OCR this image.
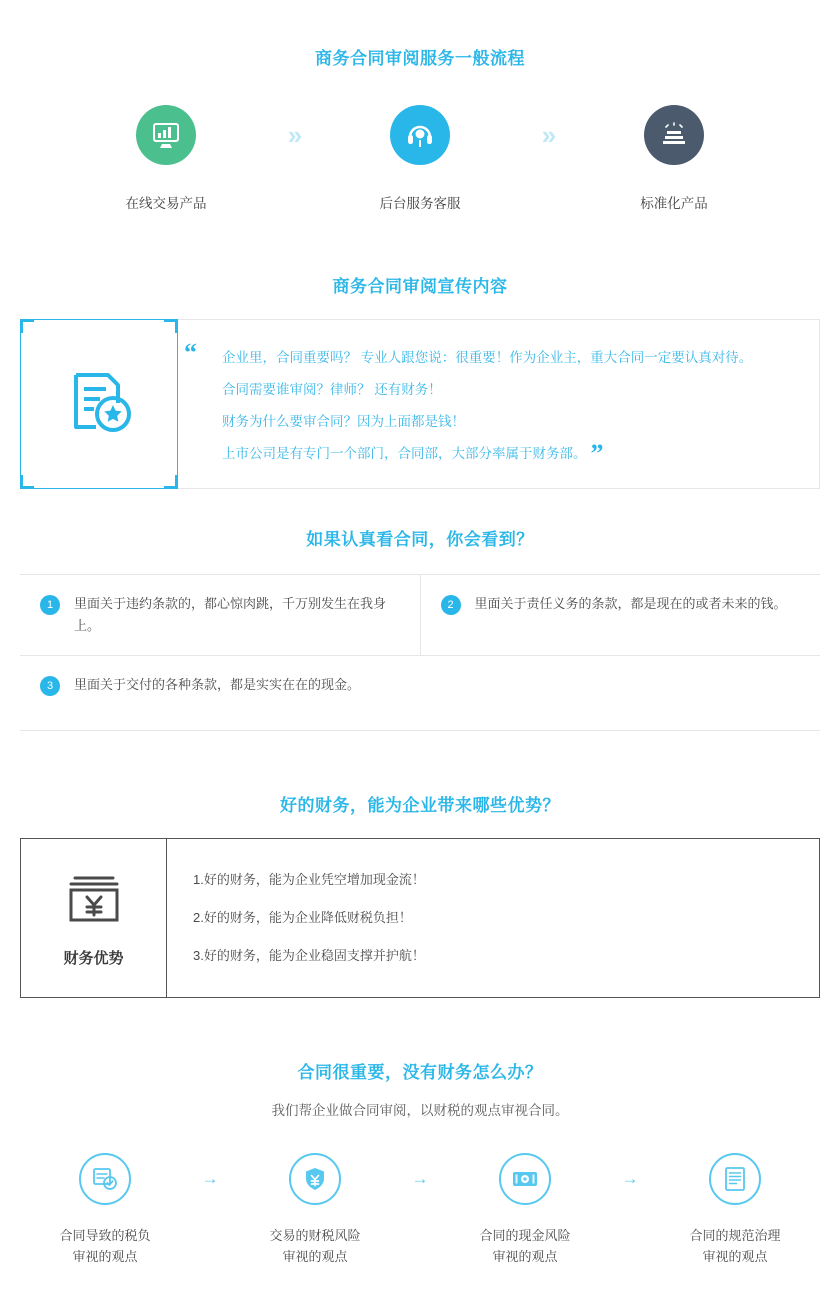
商务合同审阅服务一般流程
在线交易产品
»
后台服务客服
»
标准化产品
商务合同审阅宣传内容
“	企业里，合同重要吗？ 专业人跟您说：很重要！作为企业主，重大合同一定要认真对待。
合同需要谁审阅？律师？ 还有财务！
财务为什么要审合同？因为上面都是钱！
上市公司是有专门一个部门，合同部，大部分率属于财务部。 ”
如果认真看合同，你会看到？
1	里面关于违约条款的，都心惊肉跳，千万别发生在我身上。
2	里面关于责任义务的条款，都是现在的或者未来的钱。
3	里面关于交付的各种条款，都是实实在在的现金。
好的财务，能为企业带来哪些优势？
财务优势
1.好的财务，能为企业凭空增加现金流！
2.好的财务，能为企业降低财税负担！
3.好的财务，能为企业稳固支撑并护航！
合同很重要，没有财务怎么办？
我们帮企业做合同审阅，以财税的观点审视合同。
合同导致的税负
审视的观点
→
交易的财税风险
审视的观点
→
合同的现金风险
审视的观点
→
合同的规范治理
审视的观点
